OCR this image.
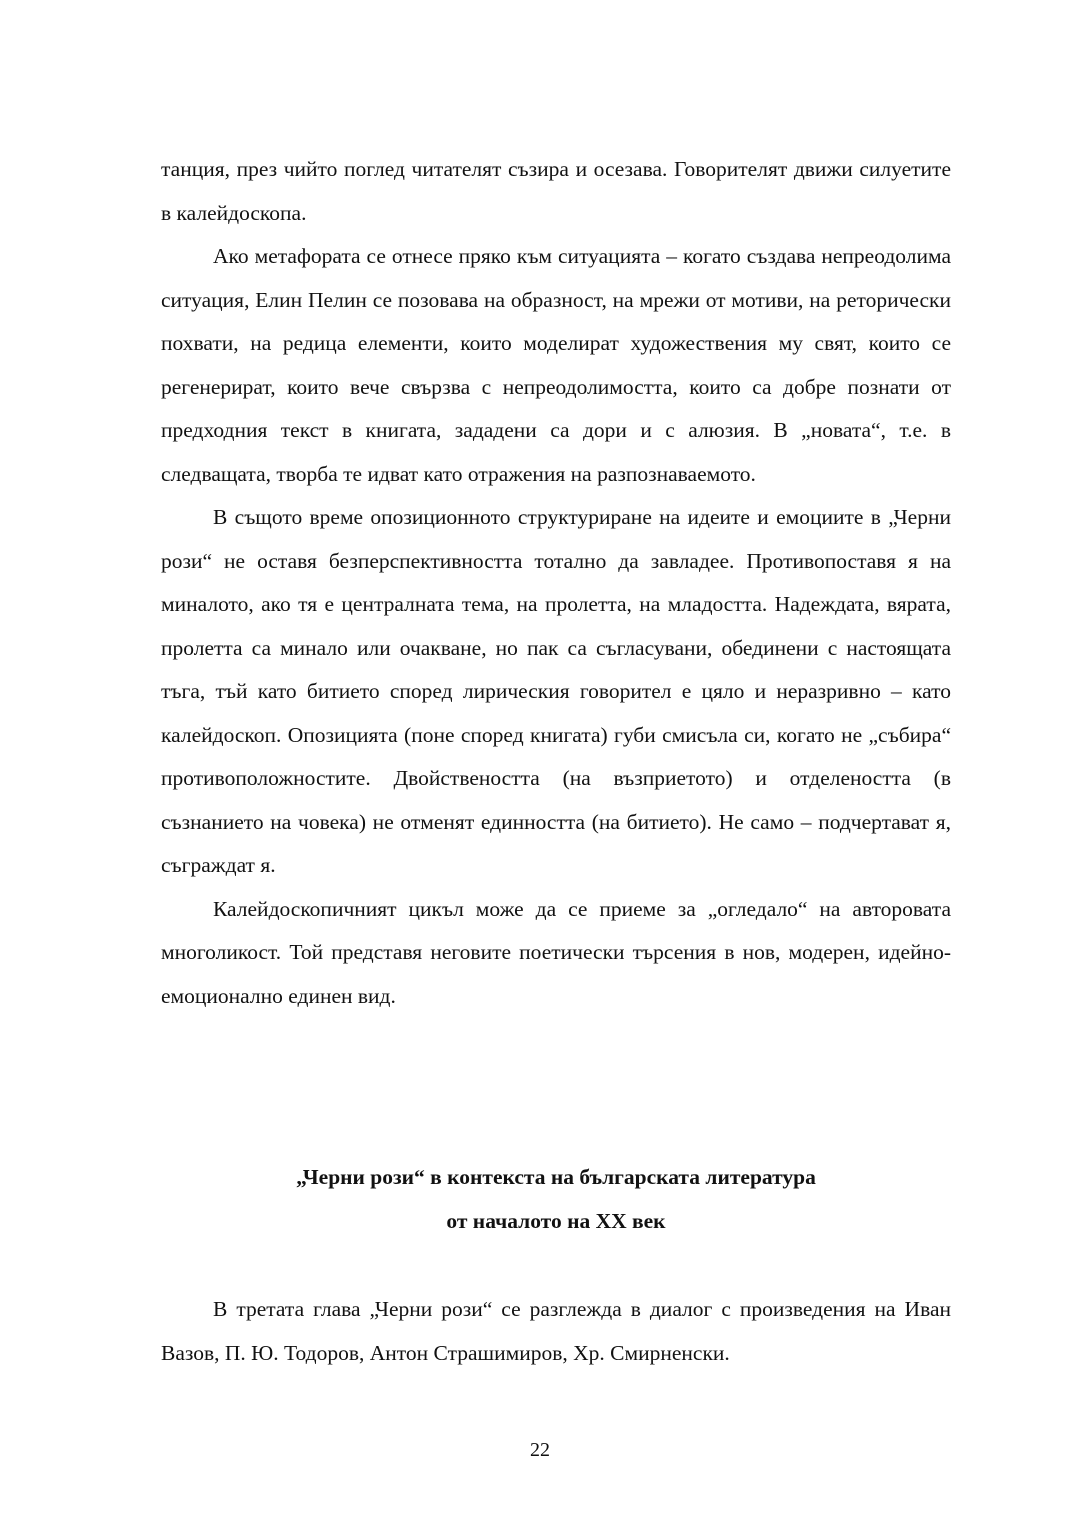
танция, през чийто поглед читателят съзира и осезава. Говорителят движи силуетите в калейдоскопа.

Ако метафората се отнесе пряко към ситуацията – когато създава непреодолима ситуация, Елин Пелин се позовава на образност, на мрежи от мотиви, на реторически похвати, на редица елементи, които моделират художествения му свят, които се регенерират, които вече свързва с непреодолимостта, които са добре познати от предходния текст в книгата, зададени са дори и с алюзия. В „новата“, т.е. в следващата, творба те идват като отражения на разпознаваемото.

В същото време опозиционното структуриране на идеите и емоциите в „Черни рози“ не оставя безперспективността тотално да завладее. Противопоставя я на миналото, ако тя е централната тема, на пролетта, на младостта. Надеждата, вярата, пролетта са минало или очакване, но пак са съгласувани, обединени с настоящата тъга, тъй като битието според лирическия говорител е цяло и неразривно – като калейдоскоп. Опозицията (поне според книгата) губи смисъла си, когато не „събира“ противоположностите. Двойствеността (на възприетото) и отделеността (в съзнанието на човека) не отменят единността (на битието). Не само – подчертават я, съграждат я.

Калейдоскопичният цикъл може да се приеме за „огледало“ на авторовата многоликост. Той представя неговите поетически търсения в нов, модерен, идейно-емоционално единен вид.

„Черни рози“ в контекста на българската литература
от началото на XX век

В третата глава „Черни рози“ се разглежда в диалог с произведения на Иван Вазов, П. Ю. Тодоров, Антон Страшимиров, Хр. Смирненски.

22
